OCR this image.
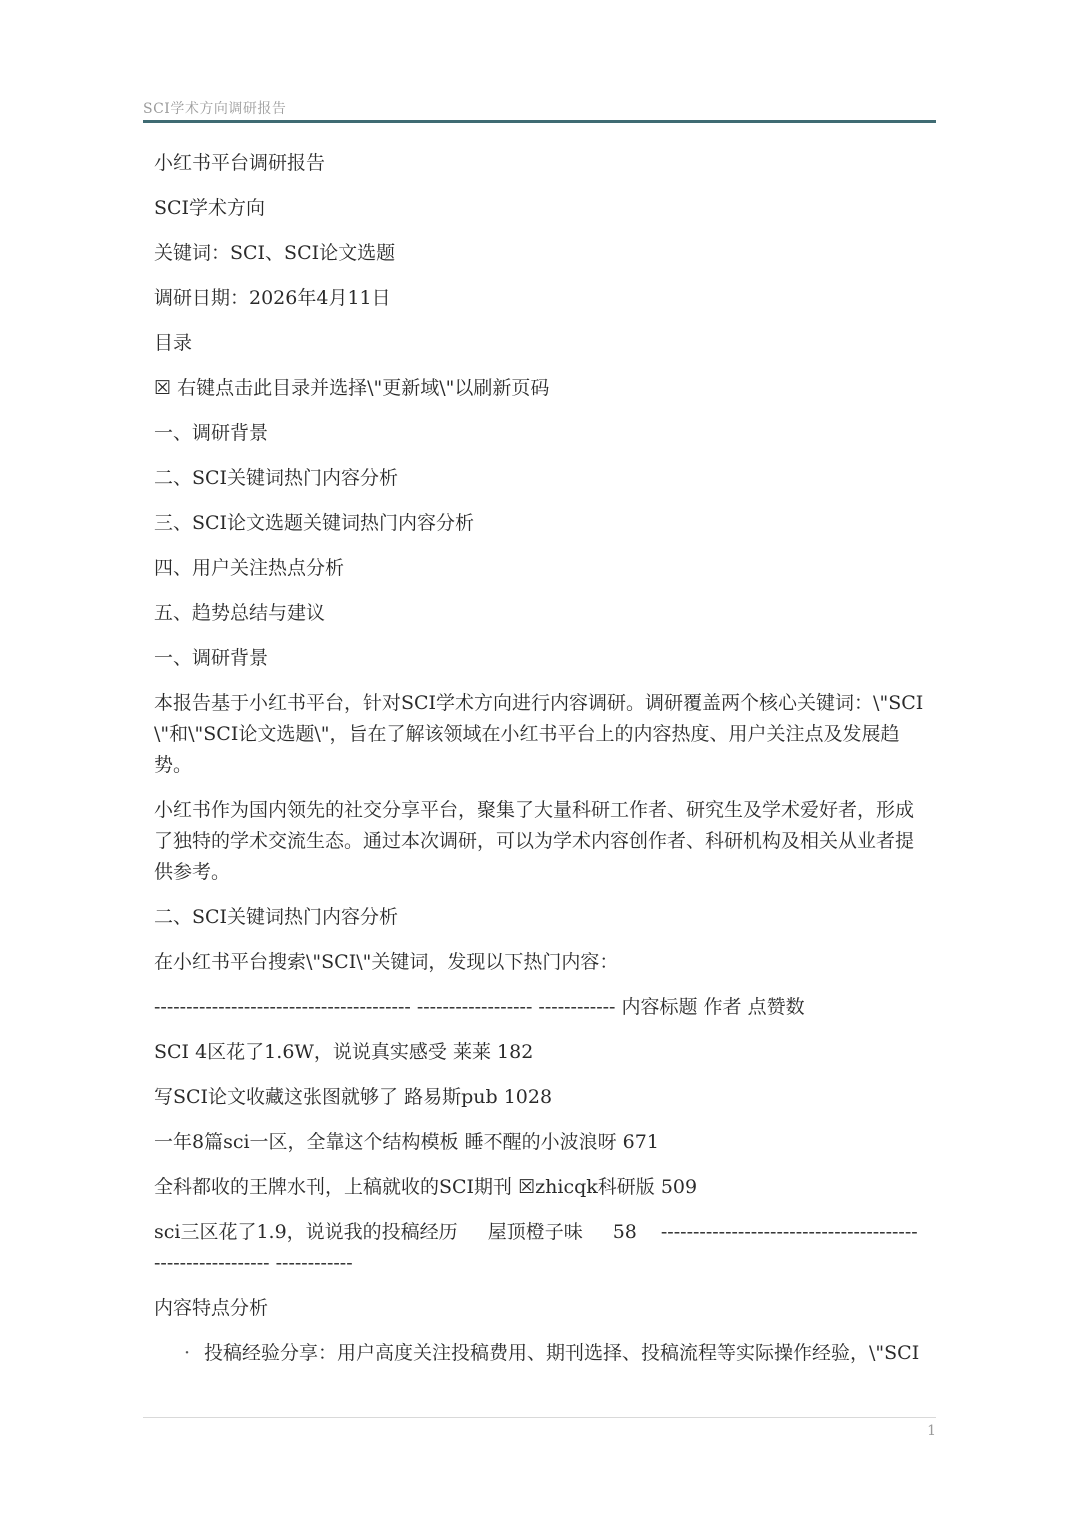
SCI学术方向调研报告

小红书平台调研报告

SCI学术方向

关键词：SCI、SCI论文选题

调研日期：2026年4月11日

目录

☒ 右键点击此目录并选择\"更新域\"以刷新页码

一、调研背景

二、SCI关键词热门内容分析

三、SCI论文选题关键词热门内容分析

四、用户关注热点分析

五、趋势总结与建议

一、调研背景

本报告基于小红书平台，针对SCI学术方向进行内容调研。调研覆盖两个核心关键词：\"SCI\"和\"SCI论文选题\"，旨在了解该领域在小红书平台上的内容热度、用户关注点及发展趋势。

小红书作为国内领先的社交分享平台，聚集了大量科研工作者、研究生及学术爱好者，形成了独特的学术交流生态。通过本次调研，可以为学术内容创作者、科研机构及相关从业者提供参考。

二、SCI关键词热门内容分析

在小红书平台搜索\"SCI\"关键词，发现以下热门内容：

---------------------------------------- ------------------ ------------ 内容标题 作者 点赞数

SCI 4区花了1.6W，说说真实感受 莱莱 182
写SCI论文收藏这张图就够了 路易斯pub 1028
一年8篇sci一区，全靠这个结构模板 睡不醒的小波浪呀 671
全科都收的王牌水刊，上稿就收的SCI期刊 ☒zhicqk科研版 509
sci三区花了1.9，说说我的投稿经历 屋顶橙子味 58 ----------------------------------------
------------------ ------------

内容特点分析

· 投稿经验分享：用户高度关注投稿费用、期刊选择、投稿流程等实际操作经验，\"SCI
1
